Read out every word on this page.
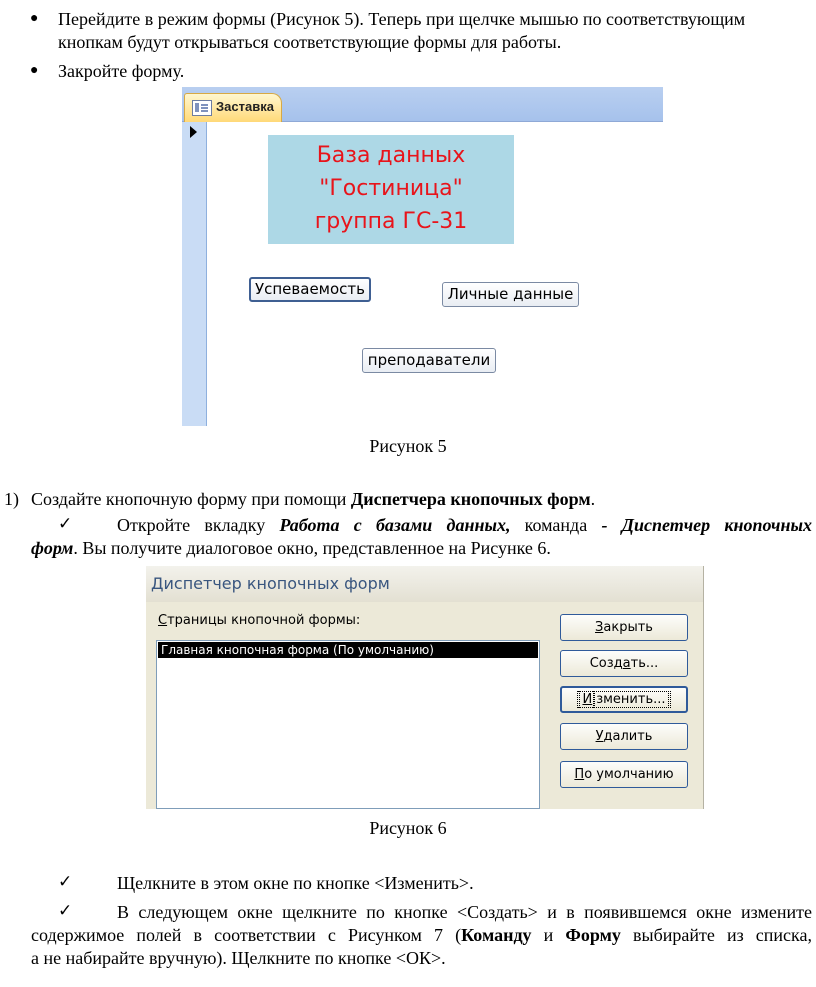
● Перейдите в режим формы (Рисунок 5). Теперь при щелчке мышью по соответствующим
кнопкам будут открываться соответствующие формы для работы.
● Закройте форму.
Заставка
База данных
"Гостиница"
группа ГС-31
Успеваемость	Личные данные
преподаватели
Рисунок 5
1) Создайте кнопочную форму при помощи Диспетчера кнопочных форм.
✓ Откройте вкладку Работа с базами данных, команда - Диспетчер кнопочных
форм. Вы получите диалоговое окно, представленное на Рисунке 6.
Диспетчер кнопочных форм
Страницы кнопочной формы:
Главная кнопочная форма (По умолчанию)
Закрыть
Создать...
И зменить...
Удалить
По умолчанию
Рисунок 6
✓ Щелкните в этом окне по кнопке <Изменить>.
✓ В следующем окне щелкните по кнопке <Создать> и в появившемся окне измените
содержимое полей в соответствии с Рисунком 7 (Команду и Форму выбирайте из списка,
а не набирайте вручную). Щелкните по кнопке <ОК>.
